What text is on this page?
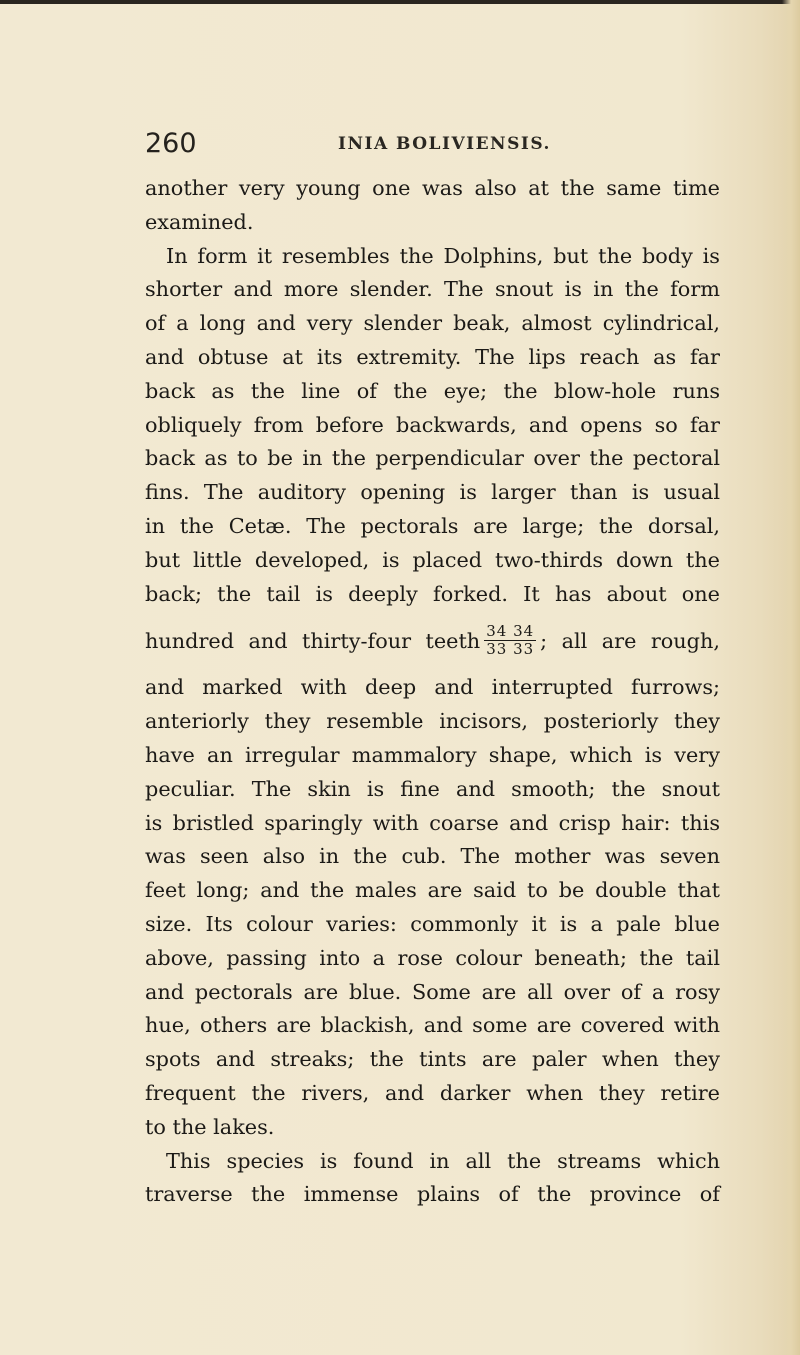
260	INIA BOLIVIENSIS.
another very young one was also at the same time
examined.
In form it resembles the Dolphins, but the body is
shorter and more slender. The snout is in the form
of a long and very slender beak, almost cylindrical,
and obtuse at its extremity. The lips reach as far
back as the line of the eye; the blow-hole runs
obliquely from before backwards, and opens so far
back as to be in the perpendicular over the pectoral
fins. The auditory opening is larger than is usual
in the Cetæ. The pectorals are large; the dorsal,
but little developed, is placed two-thirds down the
back; the tail is deeply forked. It has about one
hundred and thirty-four teeth $\frac{34 34}{33 33}$ ; all are rough,
and marked with deep and interrupted furrows;
anteriorly they resemble incisors, posteriorly they
have an irregular mammalory shape, which is very
peculiar. The skin is fine and smooth; the snout
is bristled sparingly with coarse and crisp hair: this
was seen also in the cub. The mother was seven
feet long; and the males are said to be double that
size. Its colour varies: commonly it is a pale blue
above, passing into a rose colour beneath; the tail
and pectorals are blue. Some are all over of a rosy
hue, others are blackish, and some are covered with
spots and streaks; the tints are paler when they
frequent the rivers, and darker when they retire
to the lakes.
This species is found in all the streams which
traverse the immense plains of the province of
